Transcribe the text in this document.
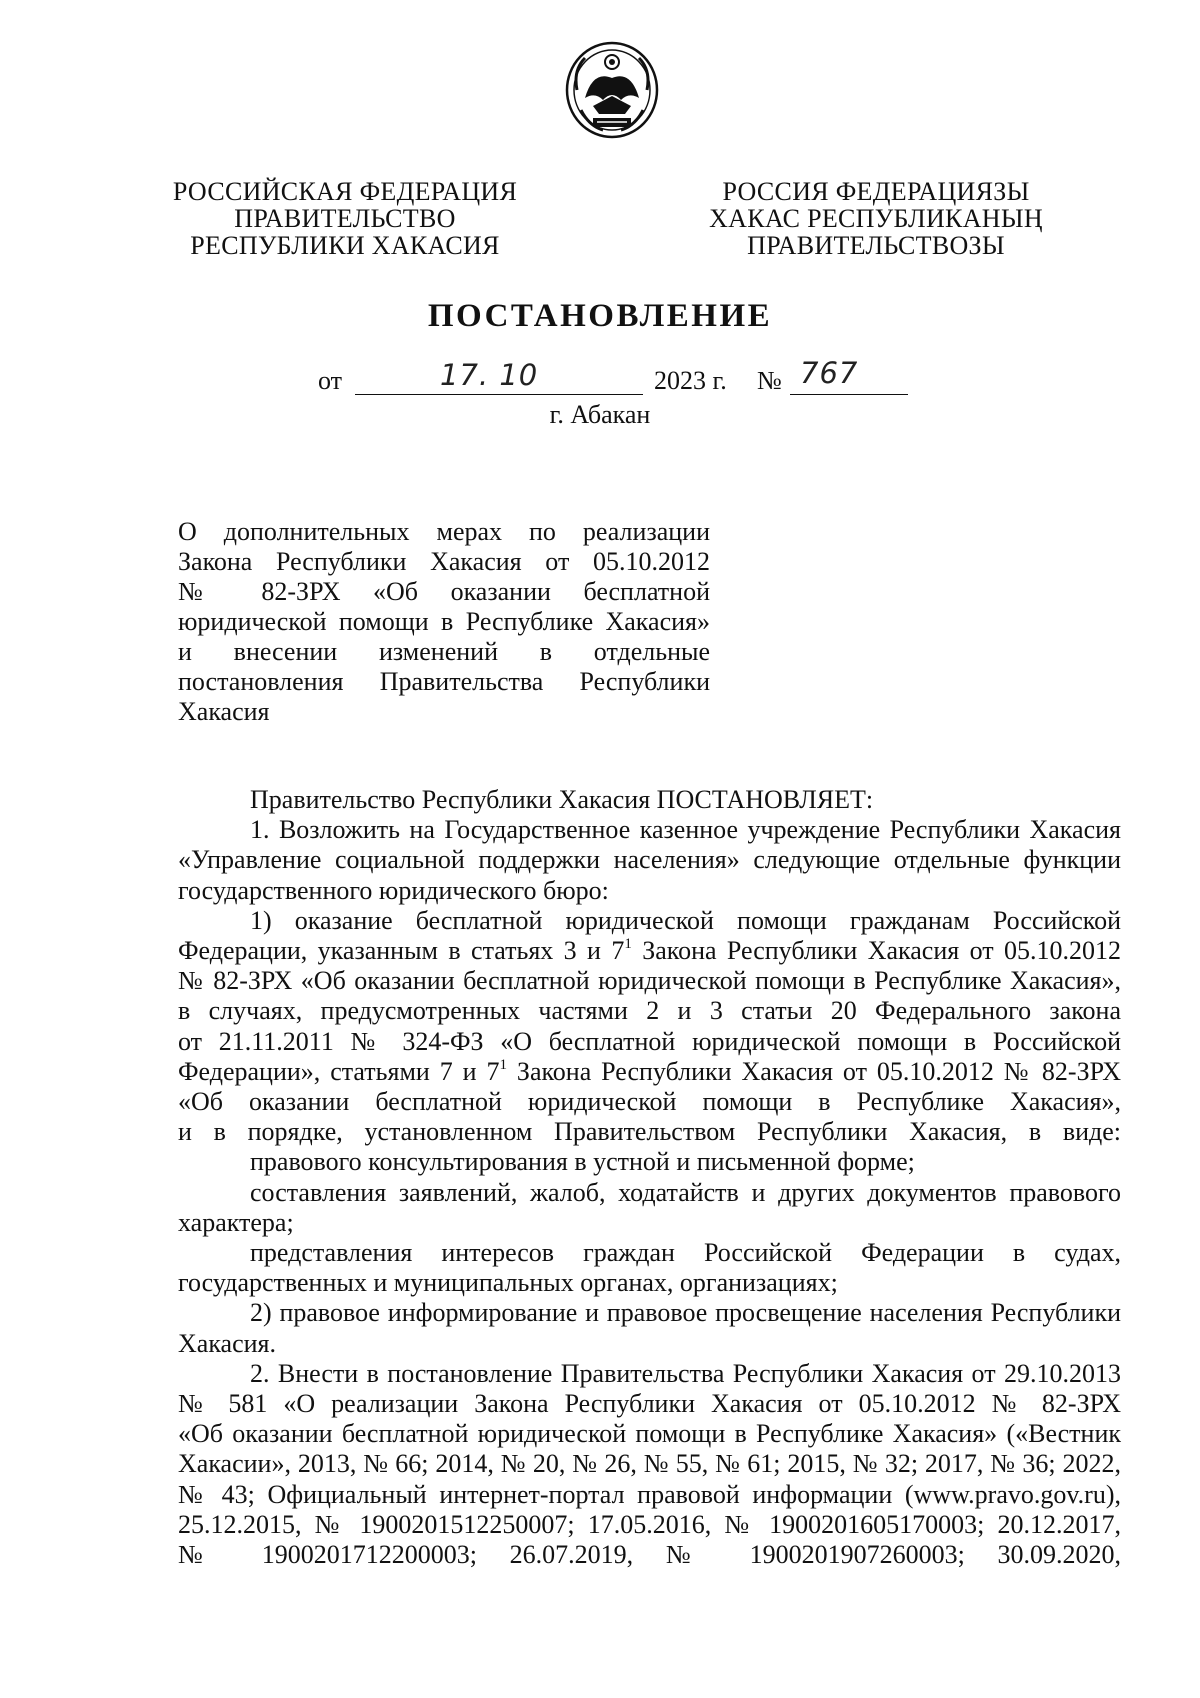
РОССИЙСКАЯ ФЕДЕРАЦИЯ
ПРАВИТЕЛЬСТВО
РЕСПУБЛИКИ ХАКАСИЯ
РОССИЯ ФЕДЕРАЦИЯЗЫ
ХАКАС РЕСПУБЛИКАНЫҢ
ПРАВИТЕЛЬСТВОЗЫ
ПОСТАНОВЛЕНИЕ
от	17. 10	2023 г. № 767
г. Абакан
О дополнительных мерах по реализации
Закона Республики Хакасия от 05.10.2012
№ 82-ЗРХ «Об оказании бесплатной
юридической помощи в Республике Хакасия»
и внесении изменений в отдельные
постановления Правительства Республики
Хакасия
Правительство Республики Хакасия ПОСТАНОВЛЯЕТ:
1. Возложить на Государственное казенное учреждение Республики Хакасия
«Управление социальной поддержки населения» следующие отдельные функции
государственного юридического бюро:
1) оказание бесплатной юридической помощи гражданам Российской
Федерации, указанным в статьях 3 и $7^1$ Закона Республики Хакасия от 05.10.2012
№ 82-ЗРХ «Об оказании бесплатной юридической помощи в Республике Хакасия»,
в случаях, предусмотренных частями 2 и 3 статьи 20 Федерального закона
от 21.11.2011 № 324-ФЗ «О бесплатной юридической помощи в Российской
Федерации», статьями 7 и $7^1$ Закона Республики Хакасия от 05.10.2012 № 82-ЗРХ
«Об оказании бесплатной юридической помощи в Республике Хакасия»,
и в порядке, установленном Правительством Республики Хакасия, в виде:
правового консультирования в устной и письменной форме;
составления заявлений, жалоб, ходатайств и других документов правового
характера;
представления интересов граждан Российской Федерации в судах,
государственных и муниципальных органах, организациях;
2) правовое информирование и правовое просвещение населения Республики
Хакасия.
2. Внести в постановление Правительства Республики Хакасия от 29.10.2013
№ 581 «О реализации Закона Республики Хакасия от 05.10.2012 № 82-ЗРХ
«Об оказании бесплатной юридической помощи в Республике Хакасия» («Вестник
Хакасии», 2013, № 66; 2014, № 20, № 26, № 55, № 61; 2015, № 32; 2017, № 36; 2022,
№ 43; Официальный интернет-портал правовой информации (www.pravo.gov.ru),
25.12.2015, № 1900201512250007; 17.05.2016, № 1900201605170003; 20.12.2017,
№ 1900201712200003; 26.07.2019, № 1900201907260003; 30.09.2020,
